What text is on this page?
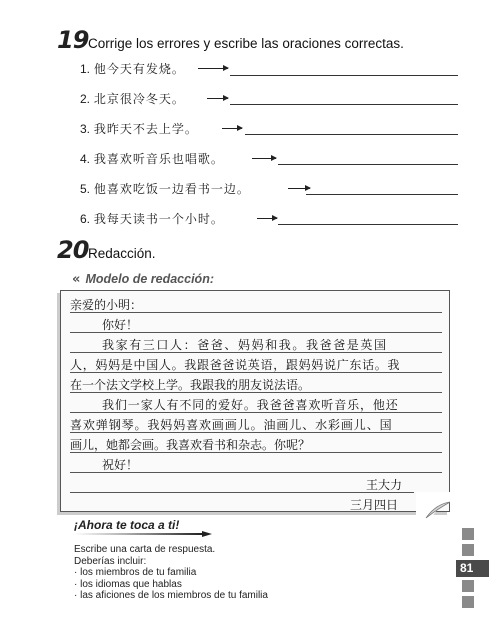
19 Corrige los errores y escribe las oraciones correctas.
1. 他今天有发烧。
2. 北京很冷冬天。
3. 我昨天不去上学。
4. 我喜欢听音乐也唱歌。
5. 他喜欢吃饭一边看书一边。
6. 我每天读书一个小时。
20 Redacción.
« Modelo de redacción:
亲爱的小明：
你好！
我家有三口人：爸爸、妈妈和我。我爸爸是英国
人，妈妈是中国人。我跟爸爸说英语，跟妈妈说广东话。我
在一个法文学校上学。我跟我的朋友说法语。
我们一家人有不同的爱好。我爸爸喜欢听音乐，他还
喜欢弹钢琴。我妈妈喜欢画画儿。油画儿、水彩画儿、国
画儿，她都会画。我喜欢看书和杂志。你呢？
祝好！
王大力
三月四日
¡Ahora te toca a ti!
Escribe una carta de respuesta.
Deberías incluir:
· los miembros de tu familia
· los idiomas que hablas
· las aficiones de los miembros de tu familia
81
